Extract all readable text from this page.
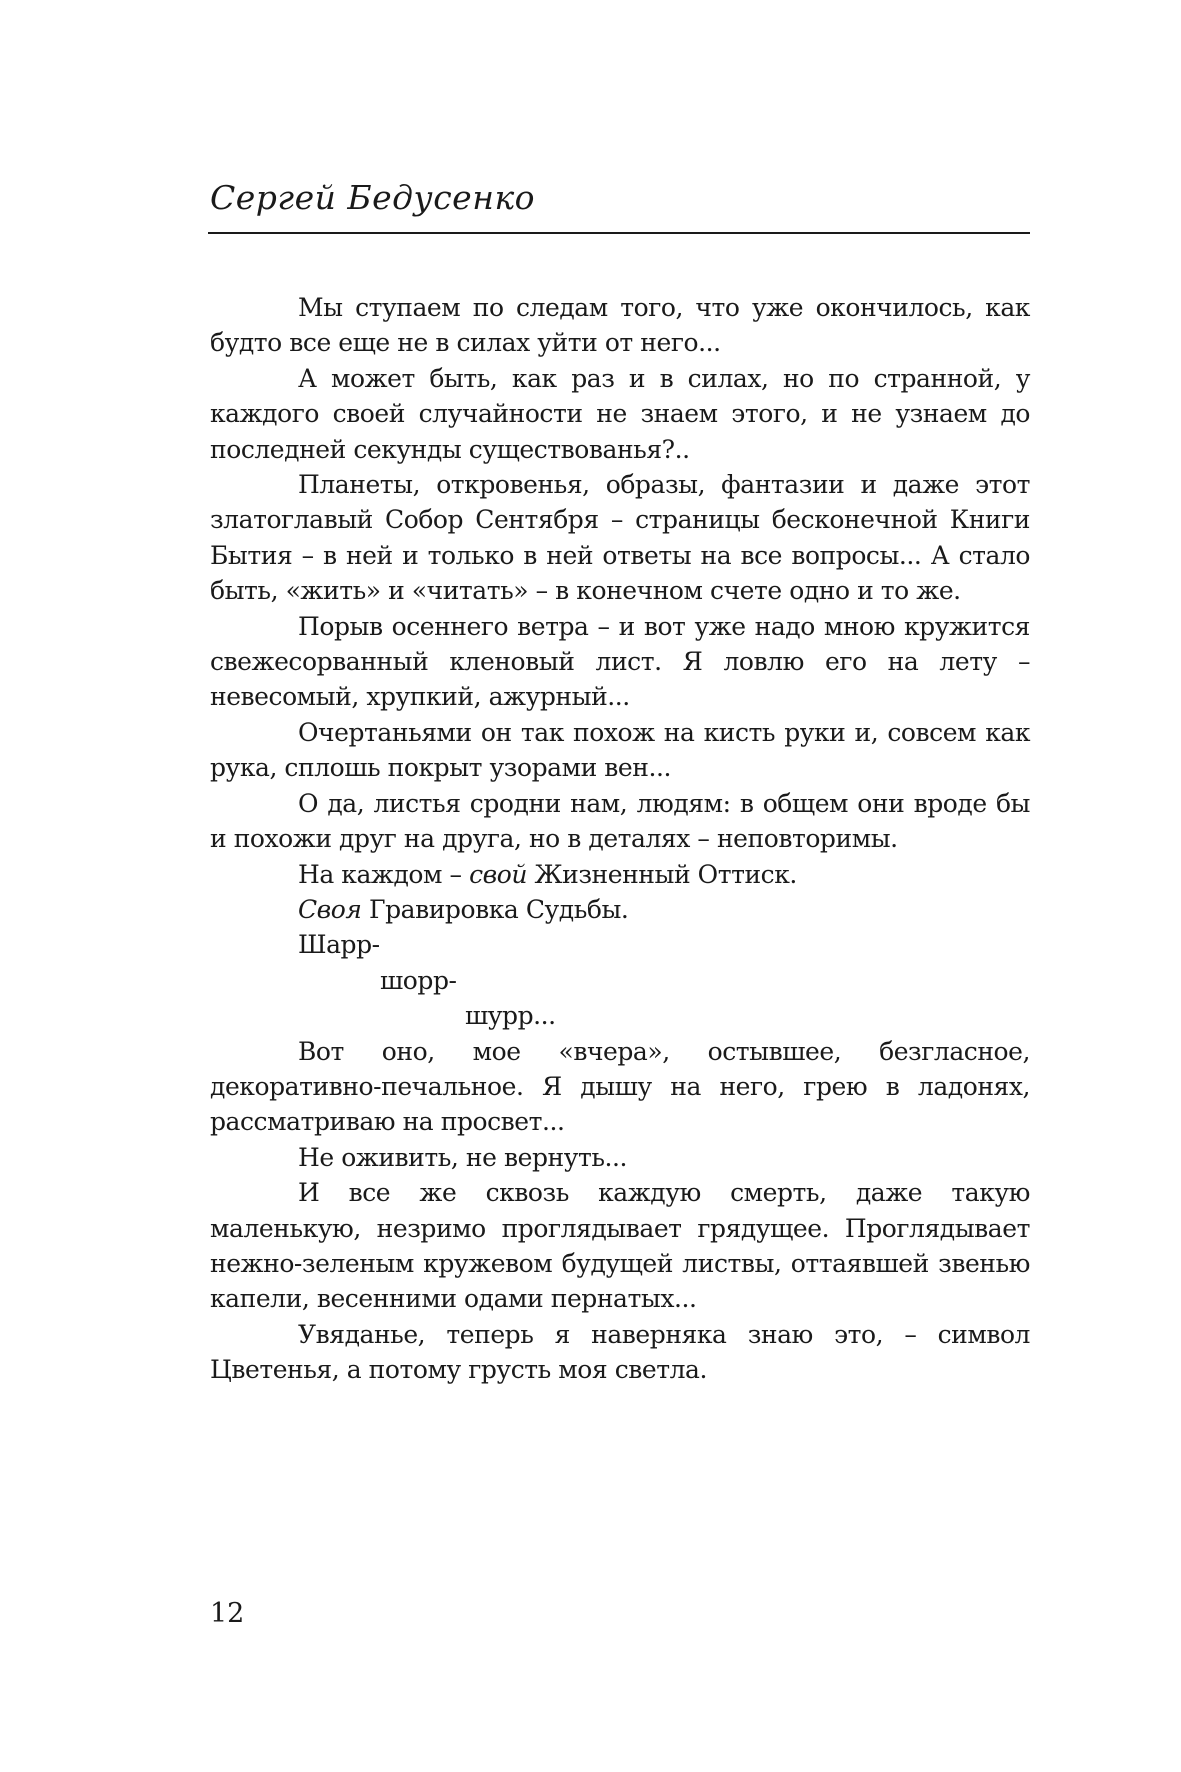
Сергей Бедусенко

Мы ступаем по следам того, что уже окончилось, как будто все еще не в силах уйти от него...

А может быть, как раз и в силах, но по странной, у каждого своей случайности не знаем этого, и не узнаем до последней секунды существованья?..

Планеты, откровенья, образы, фантазии и даже этот златоглавый Собор Сентября – страницы бесконечной Книги Бытия – в ней и только в ней ответы на все вопросы... А стало быть, «жить» и «читать» – в конечном счете одно и то же.

Порыв осеннего ветра – и вот уже надо мною кружится свежесорванный кленовый лист. Я ловлю его на лету – невесомый, хрупкий, ажурный...

Очертаньями он так похож на кисть руки и, совсем как рука, сплошь покрыт узорами вен...

О да, листья сродни нам, людям: в общем они вроде бы и похожи друг на друга, но в деталях – неповторимы.

На каждом – свой Жизненный Оттиск.

Своя Гравировка Судьбы.

Шарр-

шорр-

шурр...

Вот оно, мое «вчера», остывшее, безгласное, декоративно-печальное. Я дышу на него, грею в ладонях, рассматриваю на просвет...

Не оживить, не вернуть...

И все же сквозь каждую смерть, даже такую маленькую, незримо проглядывает грядущее. Проглядывает нежно-зеленым кружевом будущей листвы, оттаявшей звенью капели, весенними одами пернатых...

Увяданье, теперь я наверняка знаю это, – символ Цветенья, а потому грусть моя светла.

12
